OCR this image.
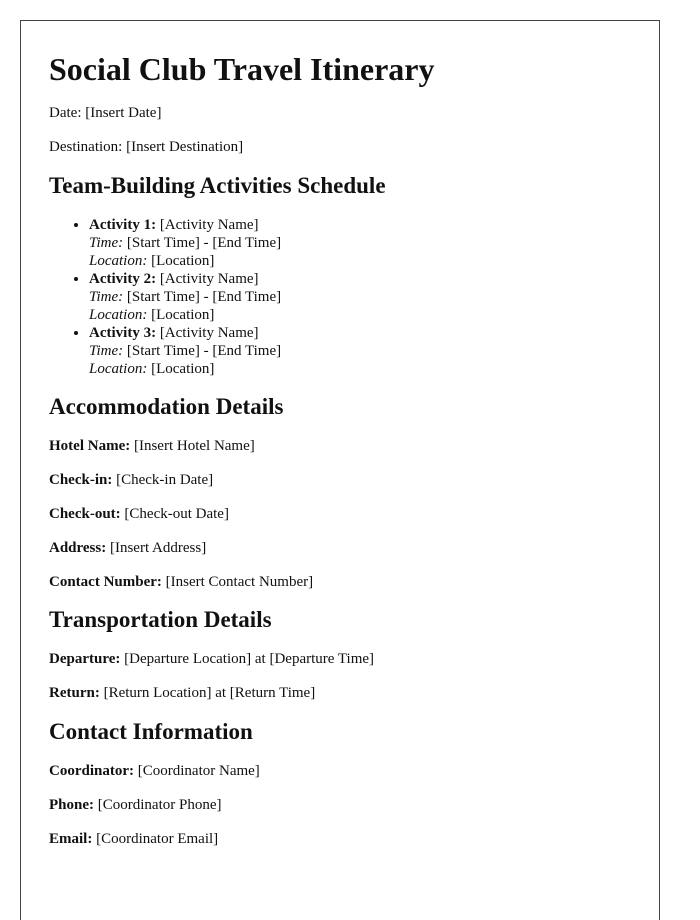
Social Club Travel Itinerary

Date: [Insert Date]

Destination: [Insert Destination]

Team-Building Activities Schedule
• Activity 1: [Activity Name]
Time: [Start Time] - [End Time]
Location: [Location]
• Activity 2: [Activity Name]
Time: [Start Time] - [End Time]
Location: [Location]
• Activity 3: [Activity Name]
Time: [Start Time] - [End Time]
Location: [Location]
Accommodation Details

Hotel Name: [Insert Hotel Name]

Check-in: [Check-in Date]

Check-out: [Check-out Date]

Address: [Insert Address]

Contact Number: [Insert Contact Number]

Transportation Details

Departure: [Departure Location] at [Departure Time]

Return: [Return Location] at [Return Time]

Contact Information

Coordinator: [Coordinator Name]

Phone: [Coordinator Phone]

Email: [Coordinator Email]
